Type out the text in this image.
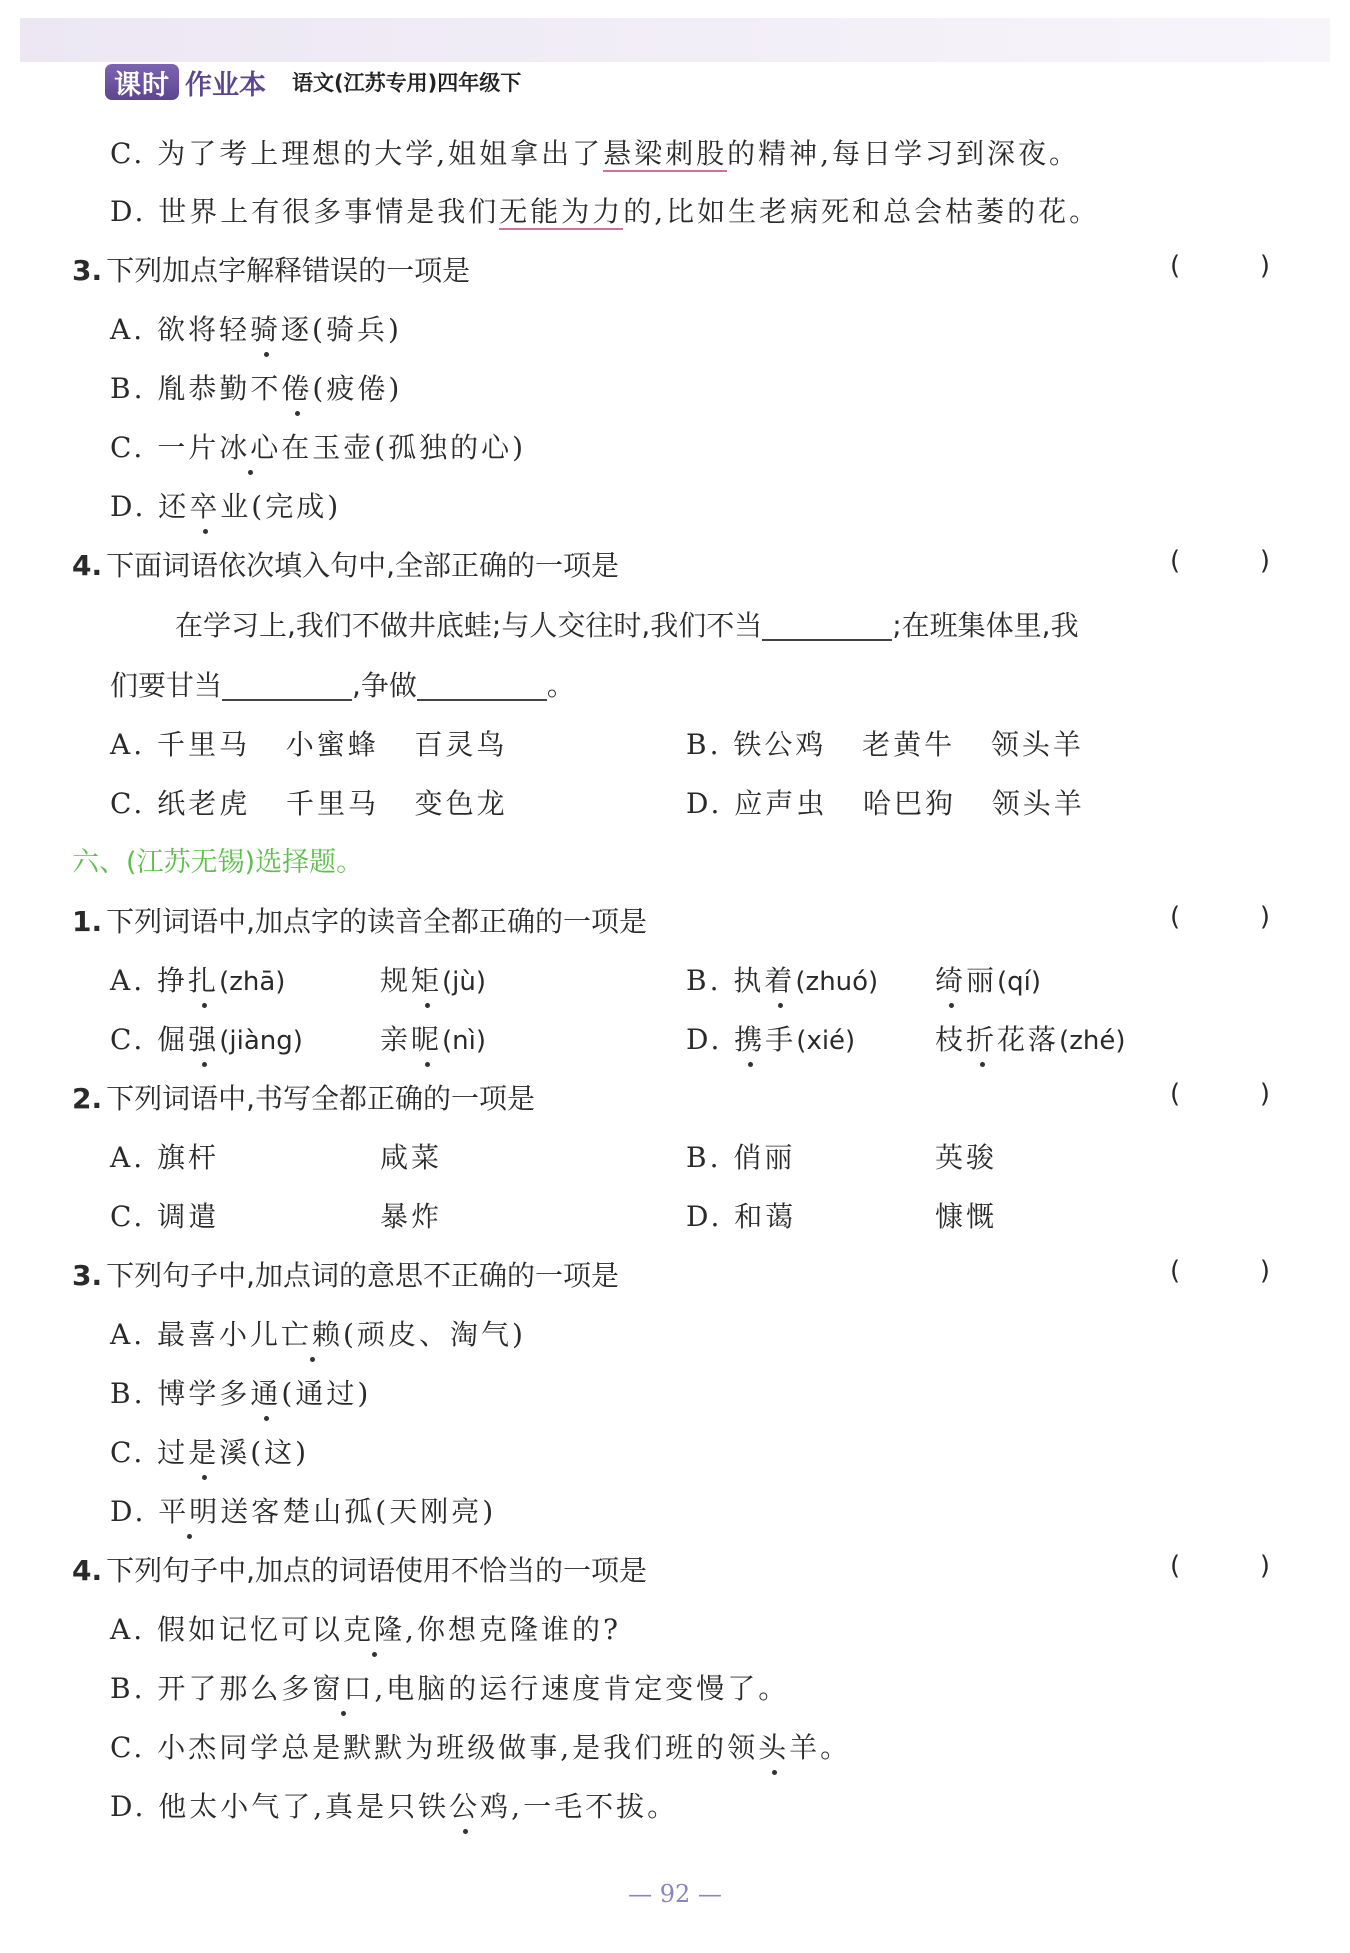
课时 作业本 语文(江苏专用)四年级下
C. 为了考上理想的大学,姐姐拿出了悬梁刺股的精神,每日学习到深夜。
D. 世界上有很多事情是我们无能为力的,比如生老病死和总会枯萎的花。
3. 下列加点字解释错误的一项是	(	)
A. 欲将轻骑逐(骑兵)
B. 胤恭勤不倦(疲倦)
C. 一片冰心在玉壶(孤独的心)
D. 还卒业(完成)
4. 下面词语依次填入句中,全部正确的一项是	(	)
在学习上,我们不做井底蛙;与人交往时,我们不当	;在班集体里,我
们要甘当	,争做	。
A. 千里马 小蜜蜂 百灵鸟	B. 铁公鸡 老黄牛 领头羊
C. 纸老虎 千里马 变色龙	D. 应声虫 哈巴狗 领头羊
六、(江苏无锡)选择题。
1. 下列词语中,加点字的读音全都正确的一项是	(	)
A. 挣扎(zhā)	规矩(jù)	B. 执着(zhuó) 绮丽(qí)
C. 倔强(jiàng)	亲昵(nì)	D. 携手(xié)	枝折花落(zhé)
2. 下列词语中,书写全都正确的一项是	(	)
A. 旗杆	咸菜	B. 俏丽	英骏
C. 调遣	暴炸	D. 和蔼	慷慨
3. 下列句子中,加点词的意思不正确的一项是	(	)
A. 最喜小儿亡赖(顽皮、淘气)
B. 博学多通(通过)
C. 过是溪(这)
D. 平明送客楚山孤(天刚亮)
4. 下列句子中,加点的词语使用不恰当的一项是	(	)
A. 假如记忆可以克隆,你想克隆谁的?
B. 开了那么多窗口,电脑的运行速度肯定变慢了。
C. 小杰同学总是默默为班级做事,是我们班的领头羊。
D. 他太小气了,真是只铁公鸡,一毛不拔。
— 92 —
